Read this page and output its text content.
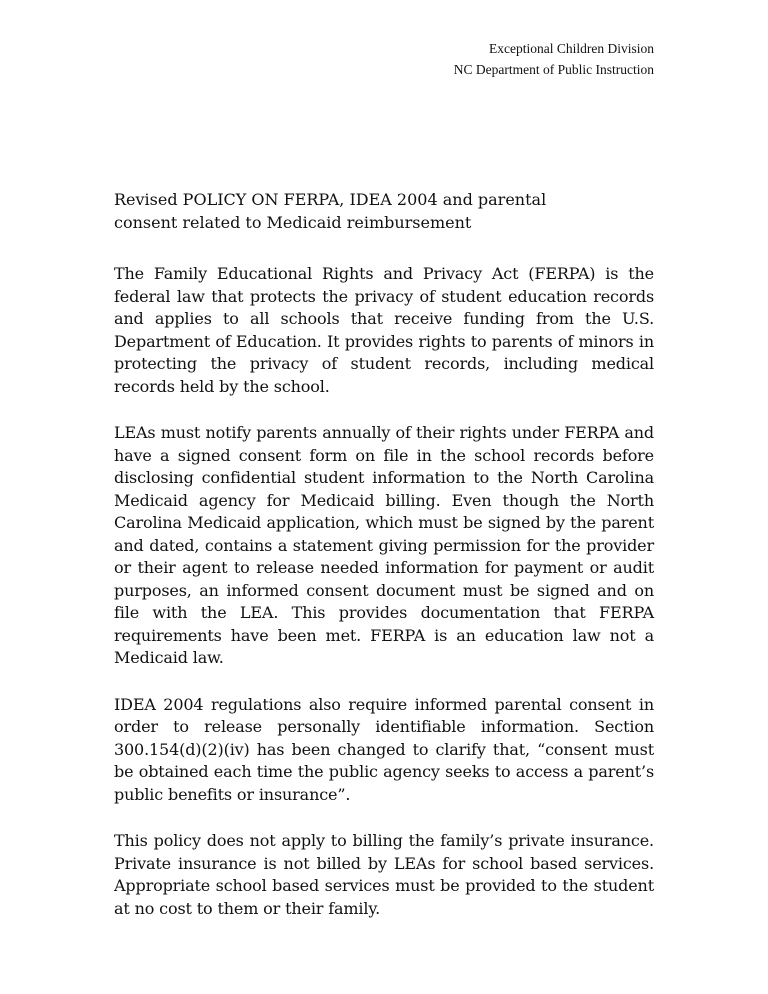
Exceptional Children Division
NC Department of Public Instruction

Revised POLICY ON FERPA, IDEA 2004 and parental consent related to Medicaid reimbursement

The Family Educational Rights and Privacy Act (FERPA) is the federal law that protects the privacy of student education records and applies to all schools that receive funding from the U.S. Department of Education. It provides rights to parents of minors in protecting the privacy of student records, including medical records held by the school.

LEAs must notify parents annually of their rights under FERPA and have a signed consent form on file in the school records before disclosing confidential student information to the North Carolina Medicaid agency for Medicaid billing. Even though the North Carolina Medicaid application, which must be signed by the parent and dated, contains a statement giving permission for the provider or their agent to release needed information for payment or audit purposes, an informed consent document must be signed and on file with the LEA. This provides documentation that FERPA requirements have been met. FERPA is an education law not a Medicaid law.

IDEA 2004 regulations also require informed parental consent in order to release personally identifiable information. Section 300.154(d)(2)(iv) has been changed to clarify that, “consent must be obtained each time the public agency seeks to access a parent’s public benefits or insurance”.

This policy does not apply to billing the family’s private insurance. Private insurance is not billed by LEAs for school based services. Appropriate school based services must be provided to the student at no cost to them or their family.
